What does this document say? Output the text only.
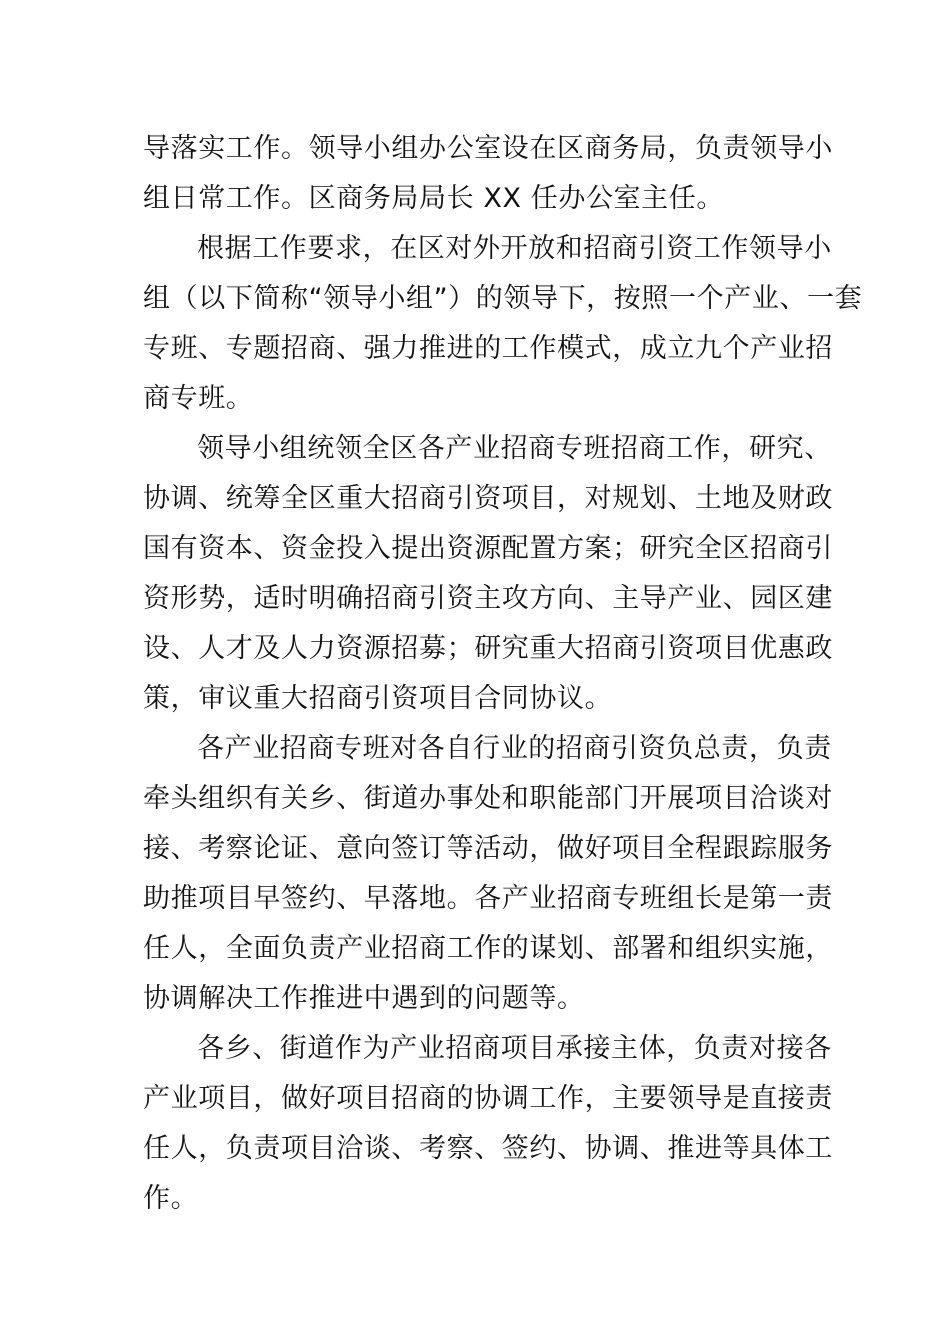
导落实工作。领导小组办公室设在区商务局，负责领导小
组日常工作。区商务局局长 XX 任办公室主任。
根据工作要求，在区对外开放和招商引资工作领导小
组（以下简称“领导小组”）的领导下，按照一个产业、一套
专班、专题招商、强力推进的工作模式，成立九个产业招
商专班。
领导小组统领全区各产业招商专班招商工作，研究、
协调、统筹全区重大招商引资项目，对规划、土地及财政
国有资本、资金投入提出资源配置方案；研究全区招商引
资形势，适时明确招商引资主攻方向、主导产业、园区建
设、人才及人力资源招募；研究重大招商引资项目优惠政
策，审议重大招商引资项目合同协议。
各产业招商专班对各自行业的招商引资负总责，负责
牵头组织有关乡、街道办事处和职能部门开展项目洽谈对
接、考察论证、意向签订等活动，做好项目全程跟踪服务
助推项目早签约、早落地。各产业招商专班组长是第一责
任人，全面负责产业招商工作的谋划、部署和组织实施，
协调解决工作推进中遇到的问题等。
各乡、街道作为产业招商项目承接主体，负责对接各
产业项目，做好项目招商的协调工作，主要领导是直接责
任人，负责项目洽谈、考察、签约、协调、推进等具体工
作。
